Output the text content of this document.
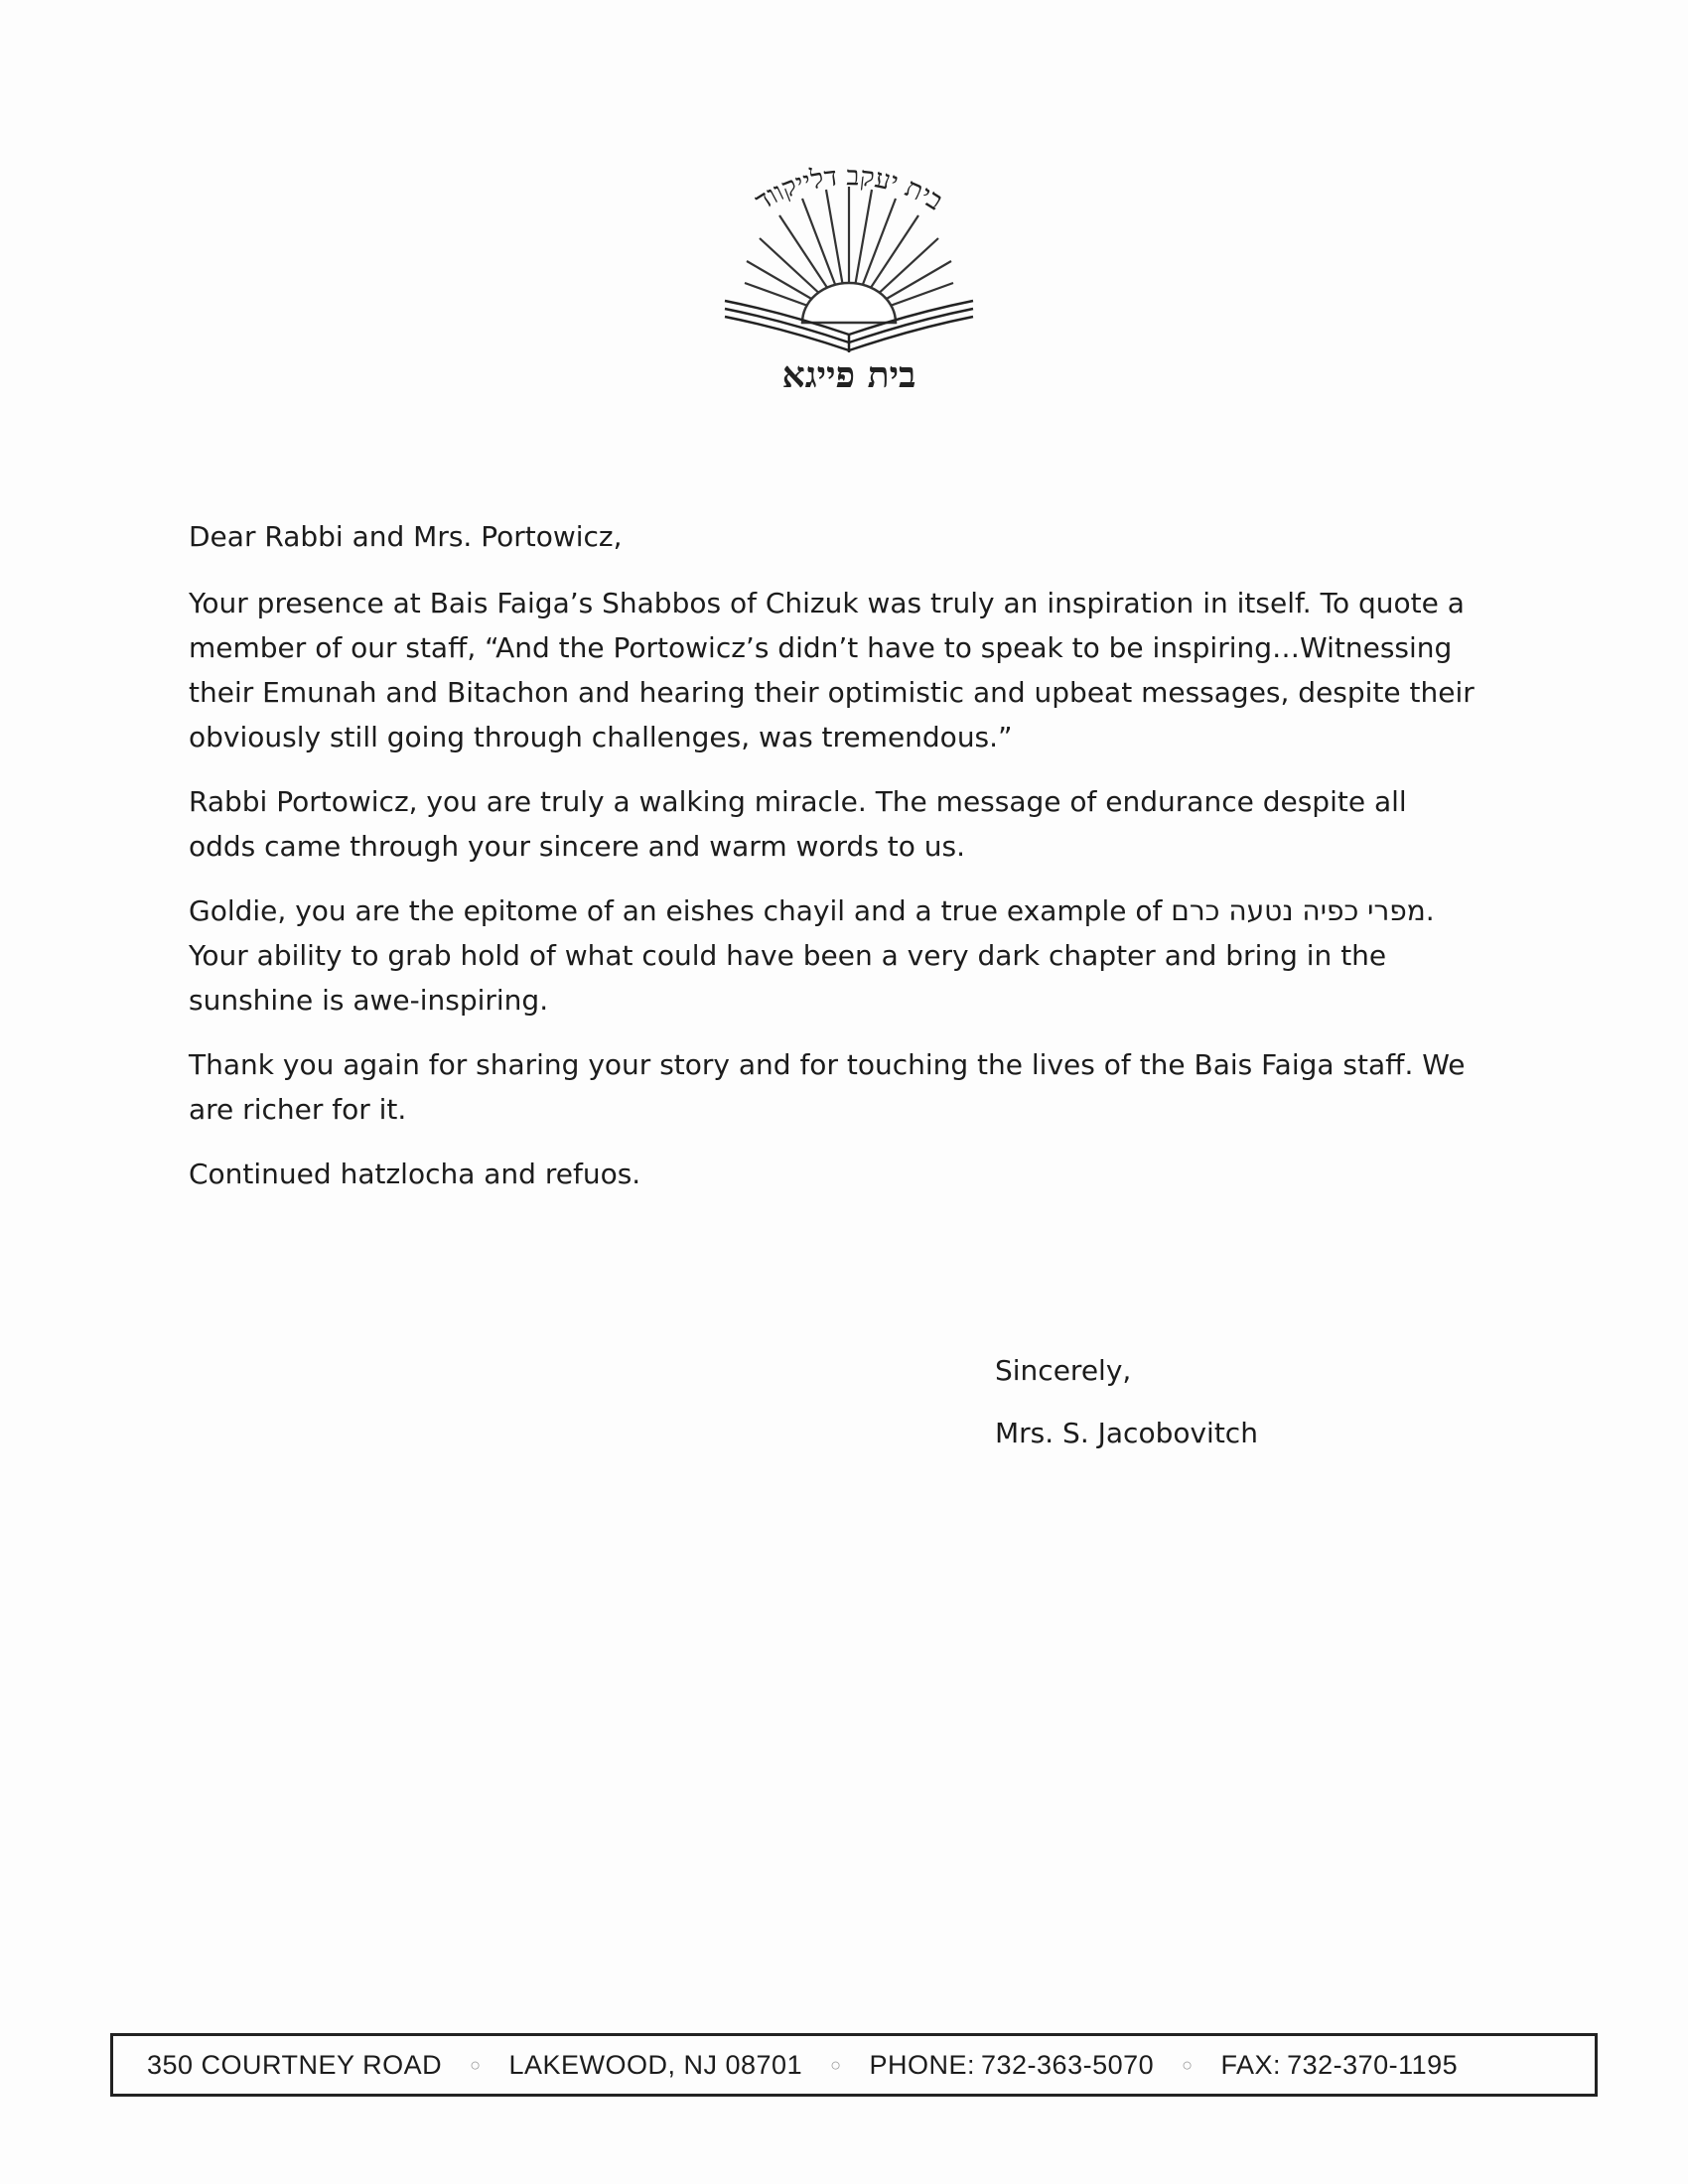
בית יעקב דלייקווד
בית פייגא

Dear Rabbi and Mrs. Portowicz,

Your presence at Bais Faiga’s Shabbos of Chizuk was truly an inspiration in itself. To quote a member of our staff, “And the Portowicz’s didn’t have to speak to be inspiring…Witnessing their Emunah and Bitachon and hearing their optimistic and upbeat messages, despite their obviously still going through challenges, was tremendous.”

Rabbi Portowicz, you are truly a walking miracle. The message of endurance despite all odds came through your sincere and warm words to us.

Goldie, you are the epitome of an eishes chayil and a true example of מפרי כפיה נטעה כרם. Your ability to grab hold of what could have been a very dark chapter and bring in the sunshine is awe-inspiring.

Thank you again for sharing your story and for touching the lives of the Bais Faiga staff. We are richer for it.

Continued hatzlocha and refuos.

Sincerely,
Mrs. S. Jacobovitch
350 COURTNEY ROAD ○ LAKEWOOD, NJ 08701 ○ PHONE: 732-363-5070 ○ FAX: 732-370-1195
